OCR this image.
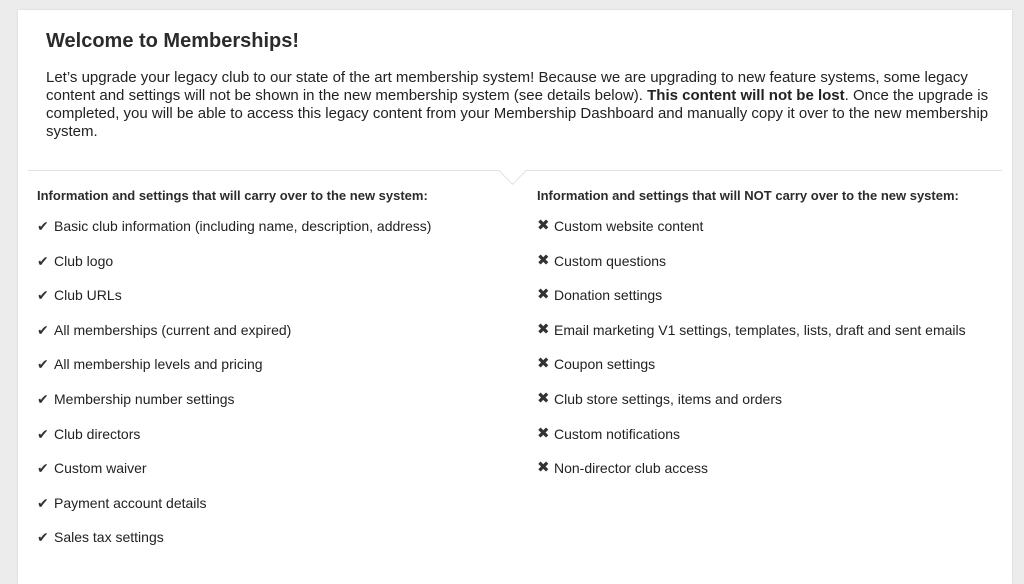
Welcome to Memberships!

Let’s upgrade your legacy club to our state of the art membership system! Because we are upgrading to new feature systems, some legacy content and settings will not be shown in the new membership system (see details below). This content will not be lost. Once the upgrade is completed, you will be able to access this legacy content from your Membership Dashboard and manually copy it over to the new membership system.

Information and settings that will carry over to the new system:
✔ Basic club information (including name, description, address)
✔ Club logo
✔ Club URLs
✔ All memberships (current and expired)
✔ All membership levels and pricing
✔ Membership number settings
✔ Club directors
✔ Custom waiver
✔ Payment account details
✔ Sales tax settings
Information and settings that will NOT carry over to the new system:
✖ Custom website content
✖ Custom questions
✖ Donation settings
✖ Email marketing V1 settings, templates, lists, draft and sent emails
✖ Coupon settings
✖ Club store settings, items and orders
✖ Custom notifications
✖ Non-director club access
